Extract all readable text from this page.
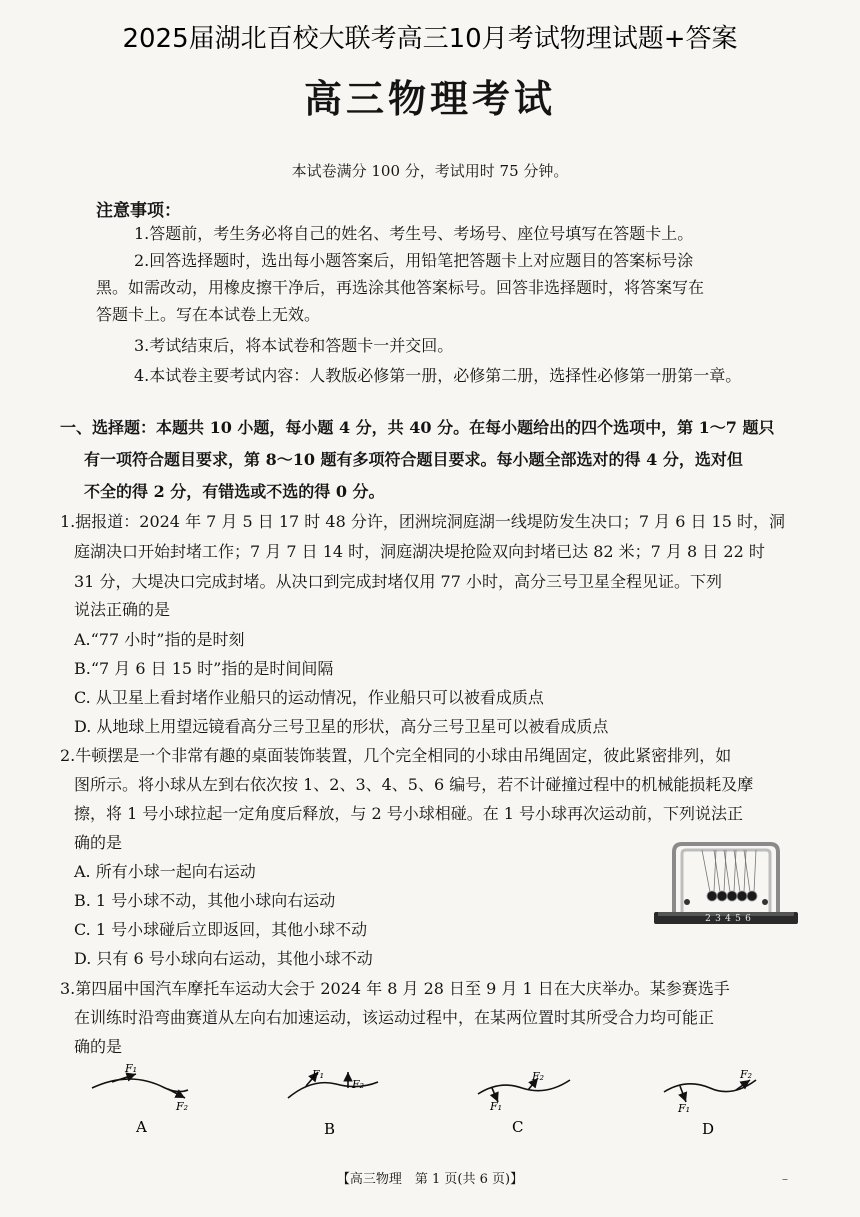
2025届湖北百校大联考高三10月考试物理试题+答案
高三物理考试
本试卷满分 100 分，考试用时 75 分钟。
注意事项：
1.答题前，考生务必将自己的姓名、考生号、考场号、座位号填写在答题卡上。
2.回答选择题时，选出每小题答案后，用铅笔把答题卡上对应题目的答案标号涂
黑。如需改动，用橡皮擦干净后，再选涂其他答案标号。回答非选择题时，将答案写在
答题卡上。写在本试卷上无效。
3.考试结束后，将本试卷和答题卡一并交回。
4.本试卷主要考试内容：人教版必修第一册，必修第二册，选择性必修第一册第一章。
一、选择题：本题共 10 小题，每小题 4 分，共 40 分。在每小题给出的四个选项中，第 1～7 题只
有一项符合题目要求，第 8～10 题有多项符合题目要求。每小题全部选对的得 4 分，选对但
不全的得 2 分，有错选或不选的得 0 分。
1.据报道：2024 年 7 月 5 日 17 时 48 分许，团洲垸洞庭湖一线堤防发生决口；7 月 6 日 15 时，洞
庭湖决口开始封堵工作；7 月 7 日 14 时，洞庭湖决堤抢险双向封堵已达 82 米；7 月 8 日 22 时
31 分，大堤决口完成封堵。从决口到完成封堵仅用 77 小时，高分三号卫星全程见证。下列
说法正确的是
A.“77 小时”指的是时刻
B.“7 月 6 日 15 时”指的是时间间隔
C. 从卫星上看封堵作业船只的运动情况，作业船只可以被看成质点
D. 从地球上用望远镜看高分三号卫星的形状，高分三号卫星可以被看成质点
2.牛顿摆是一个非常有趣的桌面装饰装置，几个完全相同的小球由吊绳固定，彼此紧密排列，如
图所示。将小球从左到右依次按 1、2、3、4、5、6 编号，若不计碰撞过程中的机械能损耗及摩
擦，将 1 号小球拉起一定角度后释放，与 2 号小球相碰。在 1 号小球再次运动前，下列说法正
确的是
A. 所有小球一起向右运动
B. 1 号小球不动，其他小球向右运动
C. 1 号小球碰后立即返回，其他小球不动
D. 只有 6 号小球向右运动，其他小球不动
2 3 4 5 6
3.第四届中国汽车摩托车运动大会于 2024 年 8 月 28 日至 9 月 1 日在大庆举办。某参赛选手
在训练时沿弯曲赛道从左向右加速运动，该运动过程中，在某两位置时其所受合力均可能正
确的是
F₁
F₂
A
F₁
F₂
B
F₁
F₂
C
F₁
F₂
D
【高三物理　第 1 页(共 6 页)】	–
